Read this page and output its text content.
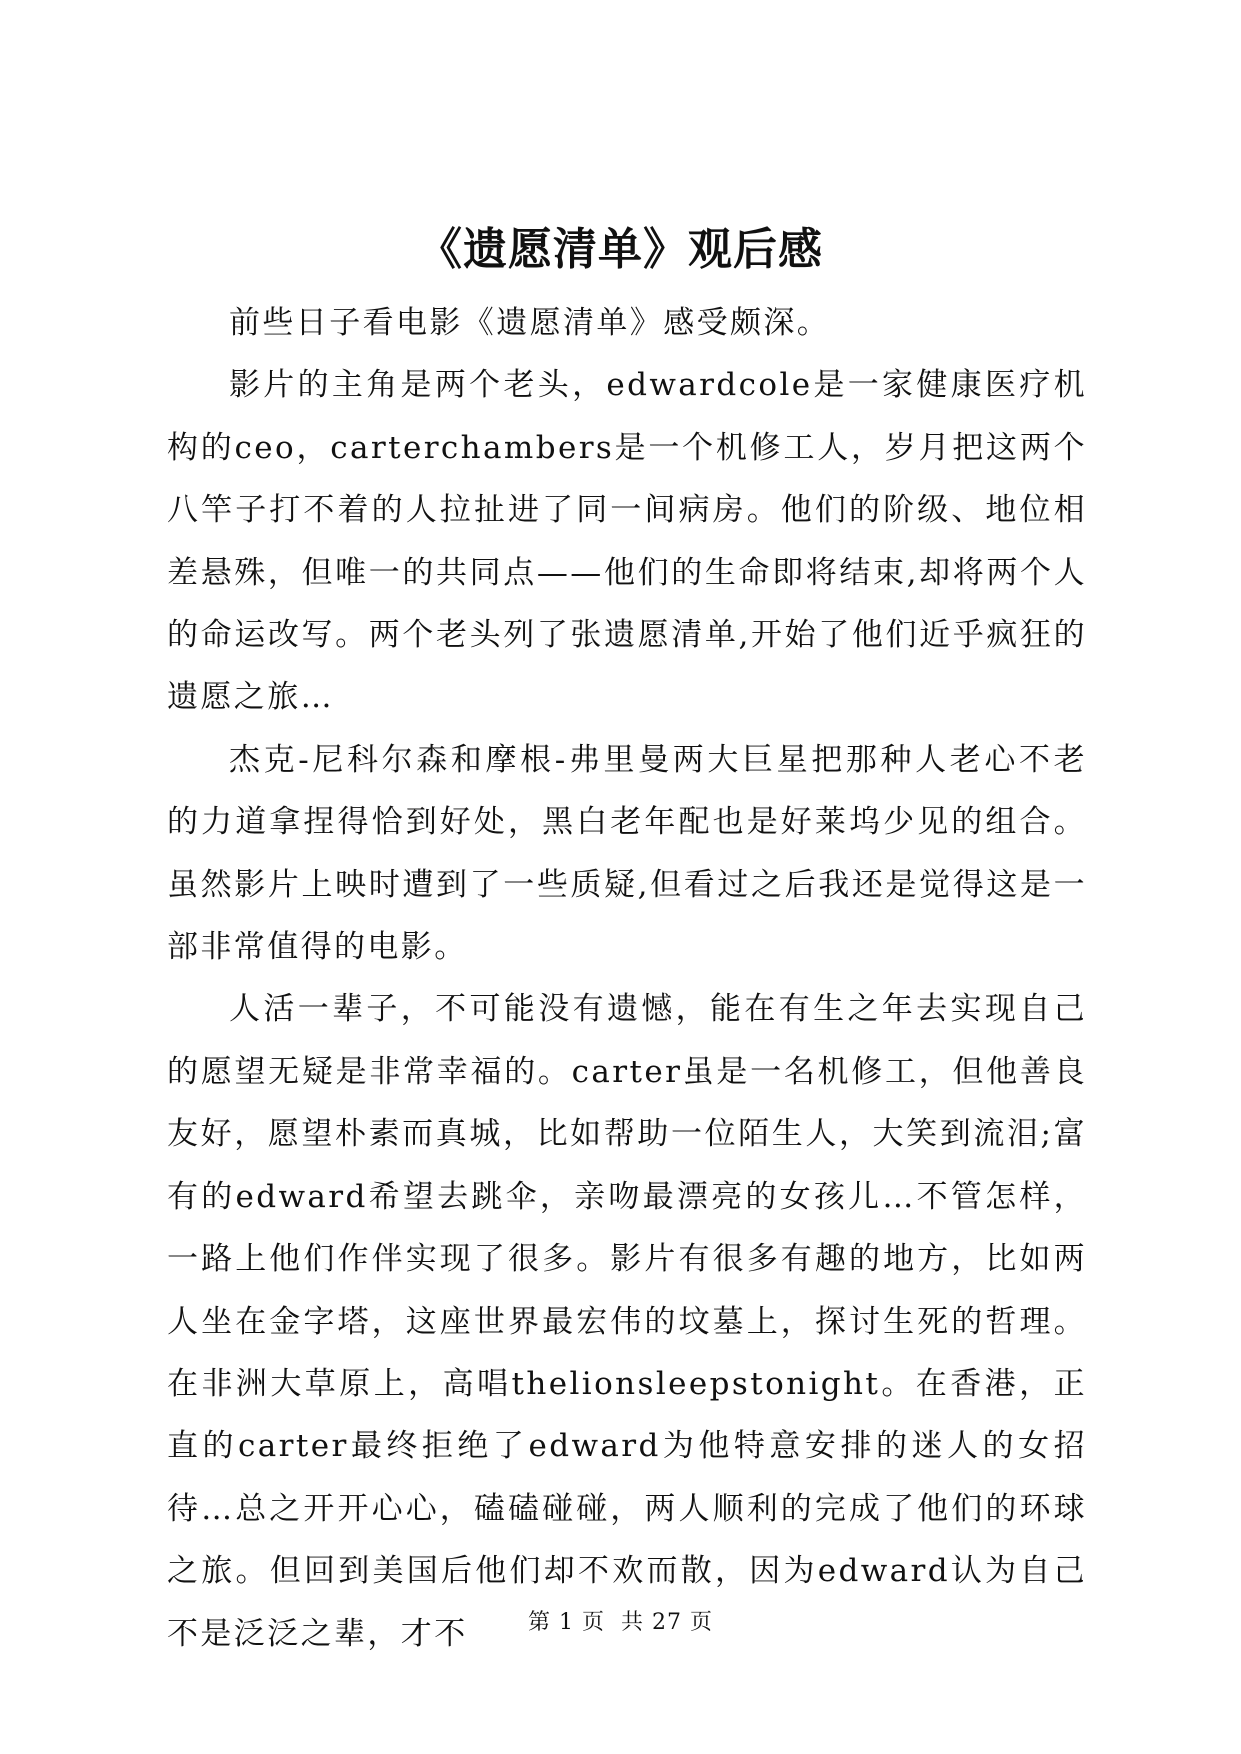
《遗愿清单》观后感

前些日子看电影《遗愿清单》感受颇深。

影片的主角是两个老头，edwardcole是一家健康医疗机构的ceo，carterchambers是一个机修工人，岁月把这两个八竿子打不着的人拉扯进了同一间病房。他们的阶级、地位相差悬殊，但唯一的共同点——他们的生命即将结束,却将两个人的命运改写。两个老头列了张遗愿清单,开始了他们近乎疯狂的遗愿之旅…

杰克-尼科尔森和摩根-弗里曼两大巨星把那种人老心不老的力道拿捏得恰到好处，黑白老年配也是好莱坞少见的组合。虽然影片上映时遭到了一些质疑,但看过之后我还是觉得这是一部非常值得的电影。

人活一辈子，不可能没有遗憾，能在有生之年去实现自己的愿望无疑是非常幸福的。carter虽是一名机修工，但他善良友好，愿望朴素而真城，比如帮助一位陌生人，大笑到流泪;富有的edward希望去跳伞，亲吻最漂亮的女孩儿…不管怎样，一路上他们作伴实现了很多。影片有很多有趣的地方，比如两人坐在金字塔，这座世界最宏伟的坟墓上，探讨生死的哲理。在非洲大草原上，高唱thelionsleepstonight。在香港，正直的carter最终拒绝了edward为他特意安排的迷人的女招待…总之开开心心，磕磕碰碰，两人顺利的完成了他们的环球之旅。但回到美国后他们却不欢而散，因为edward认为自己不是泛泛之辈，才不	第 1 页  共 27 页
